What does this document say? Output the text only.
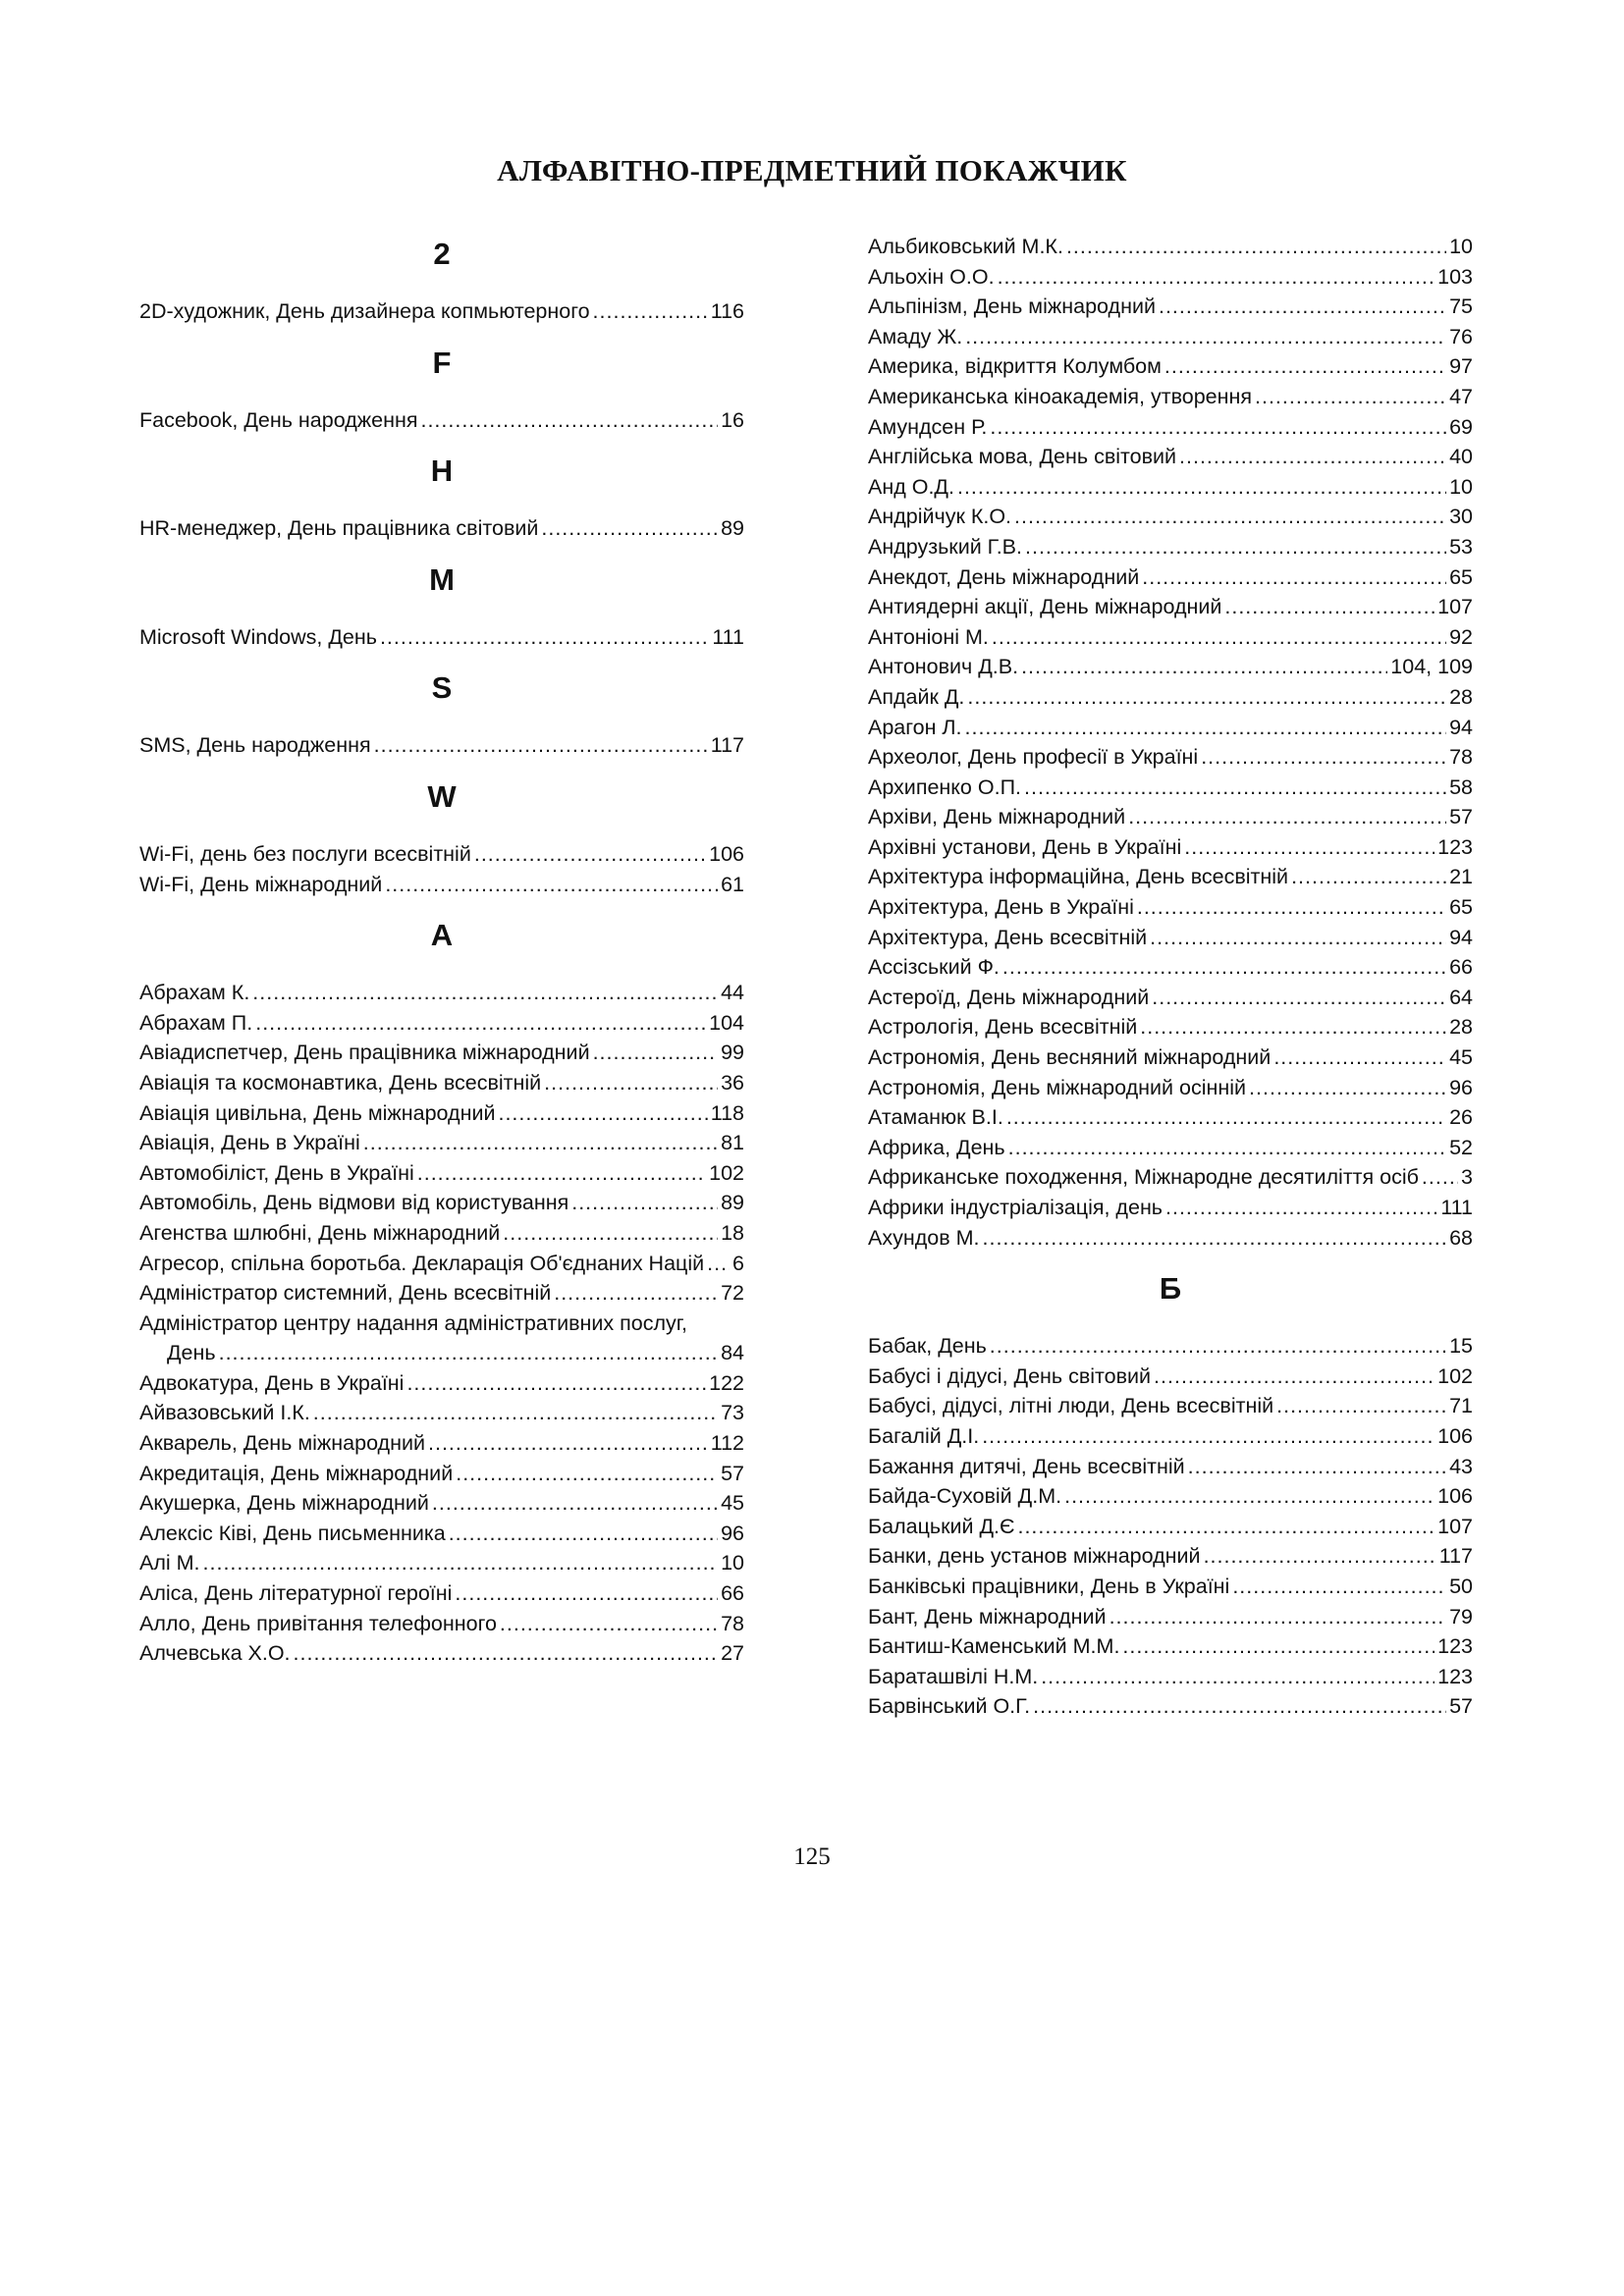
АЛФАВІТНО-ПРЕДМЕТНИЙ ПОКАЖЧИК
2
2D-художник, День дизайнера копмьютерного .....	116
F
Facebook, День народження .....	16
H
HR-менеджер, День працівника світовий .....	89
M
Microsoft Windows, День .....	111
S
SMS, День народження .....	117
W
Wi-Fi, день без послуги всесвітній .....	106
Wi-Fi, День міжнародний .....	61
А
Абрахам К. .....	44
Абрахам П. .....	104
Авіадиспетчер, День працівника міжнародний .....	99
Авіація та космонавтика, День всесвітній .....	36
Авіація цивільна, День міжнародний .....	118
Авіація, День в Україні .....	81
Автомобіліст, День в Україні .....	102
Автомобіль, День відмови від користування .....	89
Агенства шлюбні, День міжнародний .....	18
Агресор, спільна боротьба. Декларація Об'єднаних Націй ..... 6
Адміністратор системний, День всесвітній .....	72
Адміністратор центру надання адміністративних послуг,
День .....	84
Адвокатура, День в Україні .....	122
Айвазовський І.К. .....	73
Акварель, День міжнародний .....	112
Акредитація, День міжнародний .....	57
Акушерка, День міжнародний .....	45
Алексіс Ківі, День письменника .....	96
Алі М. .....	10
Аліса, День літературної героїні .....	66
Алло, День привітання телефонного .....	78
Алчевська Х.О. .....	27
Альбиковський М.К. .....	10
Альохін О.О. .....	103
Альпінізм, День міжнародний .....	75
Амаду Ж. .....	76
Америка, відкриття Колумбом .....	97
Американська кіноакадемія, утворення .....	47
Амундсен Р. .....	69
Англійська мова, День світовий .....	40
Анд О.Д. .....	10
Андрійчук К.О. .....	30
Андрузький Г.В. .....	53
Анекдот, День міжнародний .....	65
Антиядерні акції, День міжнародний .....	107
Антоніоні М. .....	92
Антонович Д.В. .....	104, 109
Апдайк Д. .....	28
Арагон Л. .....	94
Археолог, День професії в Україні .....	78
Архипенко О.П. .....	58
Архіви, День міжнародний .....	57
Архівні установи, День в Україні .....	123
Архітектура інформаційна, День всесвітній .....	21
Архітектура, День в Україні .....	65
Архітектура, День всесвітній .....	94
Ассізський Ф. .....	66
Астероїд, День міжнародний .....	64
Астрологія, День всесвітній .....	28
Астрономія, День весняний міжнародний .....	45
Астрономія, День міжнародний осінній .....	96
Атаманюк В.І. .....	26
Африка, День .....	52
Африканське походження, Міжнародне десятиліття осіб ..... 3
Африки індустріалізація, день .....	111
Ахундов М. .....	68
Б
Бабак, День .....	15
Бабусі і дідусі, День світовий .....	102
Бабусі, дідусі, літні люди, День всесвітній .....	71
Багалій Д.І. .....	106
Бажання дитячі, День всесвітній .....	43
Байда-Суховій Д.М. .....	106
Балацький Д.Є .....	107
Банки, день установ міжнародний .....	117
Банківські працівники, День в Україні .....	50
Бант, День міжнародний .....	79
Бантиш-Каменський М.М. .....	123
Бараташвілі Н.М. .....	123
Барвінський О.Г. .....	57
125
